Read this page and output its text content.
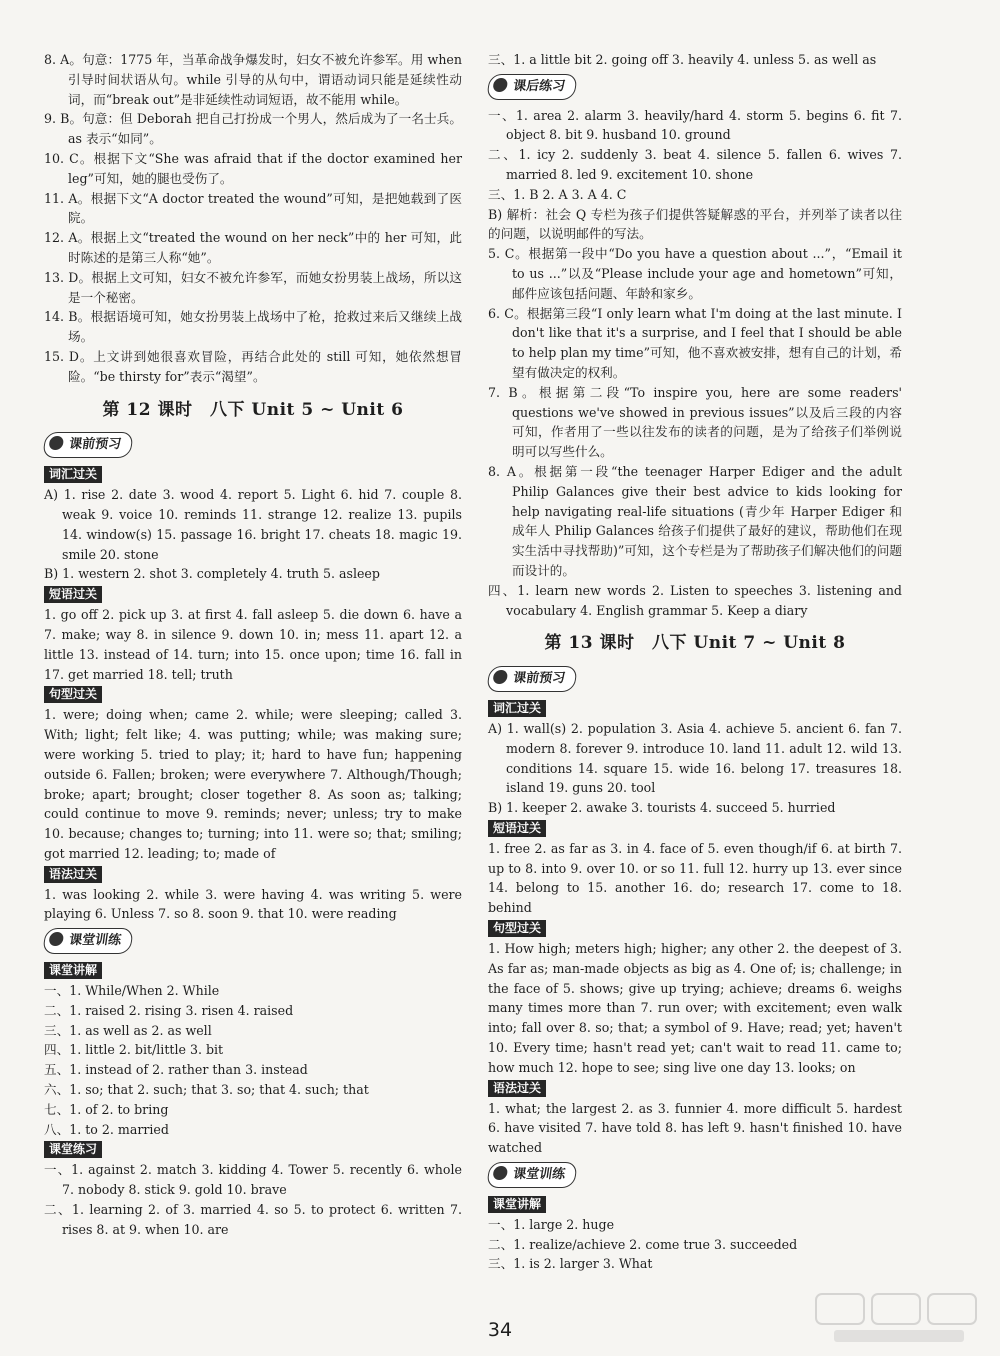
8. A。句意：1775 年，当革命战争爆发时，妇女不被允许参军。用 when 引导时间状语从句。while 引导的从句中，谓语动词只能是延续性动词，而“break out”是非延续性动词短语，故不能用 while。

9. B。句意：但 Deborah 把自己打扮成一个男人，然后成为了一名士兵。as 表示“如同”。

10. C。根据下文“She was afraid that if the doctor examined her leg”可知，她的腿也受伤了。

11. A。根据下文“A doctor treated the wound”可知，是把她载到了医院。

12. A。根据上文“treated the wound on her neck”中的 her 可知，此时陈述的是第三人称“她”。

13. D。根据上文可知，妇女不被允许参军，而她女扮男装上战场，所以这是一个秘密。

14. B。根据语境可知，她女扮男装上战场中了枪，抢救过来后又继续上战场。

15. D。上文讲到她很喜欢冒险，再结合此处的 still 可知，她依然想冒险。“be thirsty for”表示“渴望”。

第 12 课时　八下 Unit 5 ~ Unit 6
课前预习
词汇过关

A) 1. rise 2. date 3. wood 4. report 5. Light 6. hid 7. couple 8. weak 9. voice 10. reminds 11. strange 12. realize 13. pupils 14. window(s) 15. passage 16. bright 17. cheats 18. magic 19. smile 20. stone

B) 1. western 2. shot 3. completely 4. truth 5. asleep

短语过关

1. go off 2. pick up 3. at first 4. fall asleep 5. die down 6. have a 7. make; way 8. in silence 9. down 10. in; mess 11. apart 12. a little 13. instead of 14. turn; into 15. once upon; time 16. fall in 17. get married 18. tell; truth

句型过关

1. were; doing when; came 2. while; were sleeping; called 3. With; light; felt like; 4. was putting; while; was making sure; were working 5. tried to play; it; hard to have fun; happening outside 6. Fallen; broken; were everywhere 7. Although/Though; broke; apart; brought; closer together 8. As soon as; talking; could continue to move 9. reminds; never; unless; try to make 10. because; changes to; turning; into 11. were so; that; smiling; got married 12. leading; to; made of

语法过关

1. was looking 2. while 3. were having 4. was writing 5. were playing 6. Unless 7. so 8. soon 9. that 10. were reading

课堂训练
课堂讲解

一、1. While/When 2. While

二、1. raised 2. rising 3. risen 4. raised

三、1. as well as 2. as well

四、1. little 2. bit/little 3. bit

五、1. instead of 2. rather than 3. instead

六、1. so; that 2. such; that 3. so; that 4. such; that

七、1. of 2. to bring

八、1. to 2. married

课堂练习

一、1. against 2. match 3. kidding 4. Tower 5. recently 6. whole 7. nobody 8. stick 9. gold 10. brave

二、1. learning 2. of 3. married 4. so 5. to protect 6. written 7. rises 8. at 9. when 10. are

三、1. a little bit 2. going off 3. heavily 4. unless 5. as well as

课后练习

一、1. area 2. alarm 3. heavily/hard 4. storm 5. begins 6. fit 7. object 8. bit 9. husband 10. ground

二、1. icy 2. suddenly 3. beat 4. silence 5. fallen 6. wives 7. married 8. led 9. excitement 10. shone

三、1. B 2. A 3. A 4. C

B) 解析：社会 Q 专栏为孩子们提供答疑解惑的平台，并列举了读者以往的问题，以说明邮件的写法。

5. C。根据第一段中“Do you have a question about ...”，“Email it to us ...”以及“Please include your age and hometown”可知，邮件应该包括问题、年龄和家乡。

6. C。根据第三段“I only learn what I'm doing at the last minute. I don't like that it's a surprise, and I feel that I should be able to help plan my time”可知，他不喜欢被安排，想有自己的计划，希望有做决定的权利。

7. B。根据第二段“To inspire you, here are some readers' questions we've showed in previous issues”以及后三段的内容可知，作者用了一些以往发布的读者的问题，是为了给孩子们举例说明可以写些什么。

8. A。根据第一段“the teenager Harper Ediger and the adult Philip Galances give their best advice to kids looking for help navigating real-life situations (青少年 Harper Ediger 和成年人 Philip Galances 给孩子们提供了最好的建议，帮助他们在现实生活中寻找帮助)”可知，这个专栏是为了帮助孩子们解决他们的问题而设计的。

四、1. learn new words 2. Listen to speeches 3. listening and vocabulary 4. English grammar 5. Keep a diary

第 13 课时　八下 Unit 7 ~ Unit 8
课前预习
词汇过关

A) 1. wall(s) 2. population 3. Asia 4. achieve 5. ancient 6. fan 7. modern 8. forever 9. introduce 10. land 11. adult 12. wild 13. conditions 14. square 15. wide 16. belong 17. treasures 18. island 19. guns 20. tool

B) 1. keeper 2. awake 3. tourists 4. succeed 5. hurried

短语过关

1. free 2. as far as 3. in 4. face of 5. even though/if 6. at birth 7. up to 8. into 9. over 10. or so 11. full 12. hurry up 13. ever since 14. belong to 15. another 16. do; research 17. come to 18. behind

句型过关

1. How high; meters high; higher; any other 2. the deepest of 3. As far as; man-made objects as big as 4. One of; is; challenge; in the face of 5. shows; give up trying; achieve; dreams 6. weighs many times more than 7. run over; with excitement; even walk into; fall over 8. so; that; a symbol of 9. Have; read; yet; haven't 10. Every time; hasn't read yet; can't wait to read 11. came to; how much 12. hope to see; sing live one day 13. looks; on

语法过关

1. what; the largest 2. as 3. funnier 4. more difficult 5. hardest 6. have visited 7. have told 8. has left 9. hasn't finished 10. have watched

课堂训练
课堂讲解

一、1. large 2. huge

二、1. realize/achieve 2. come true 3. succeeded

三、1. is 2. larger 3. What

34
